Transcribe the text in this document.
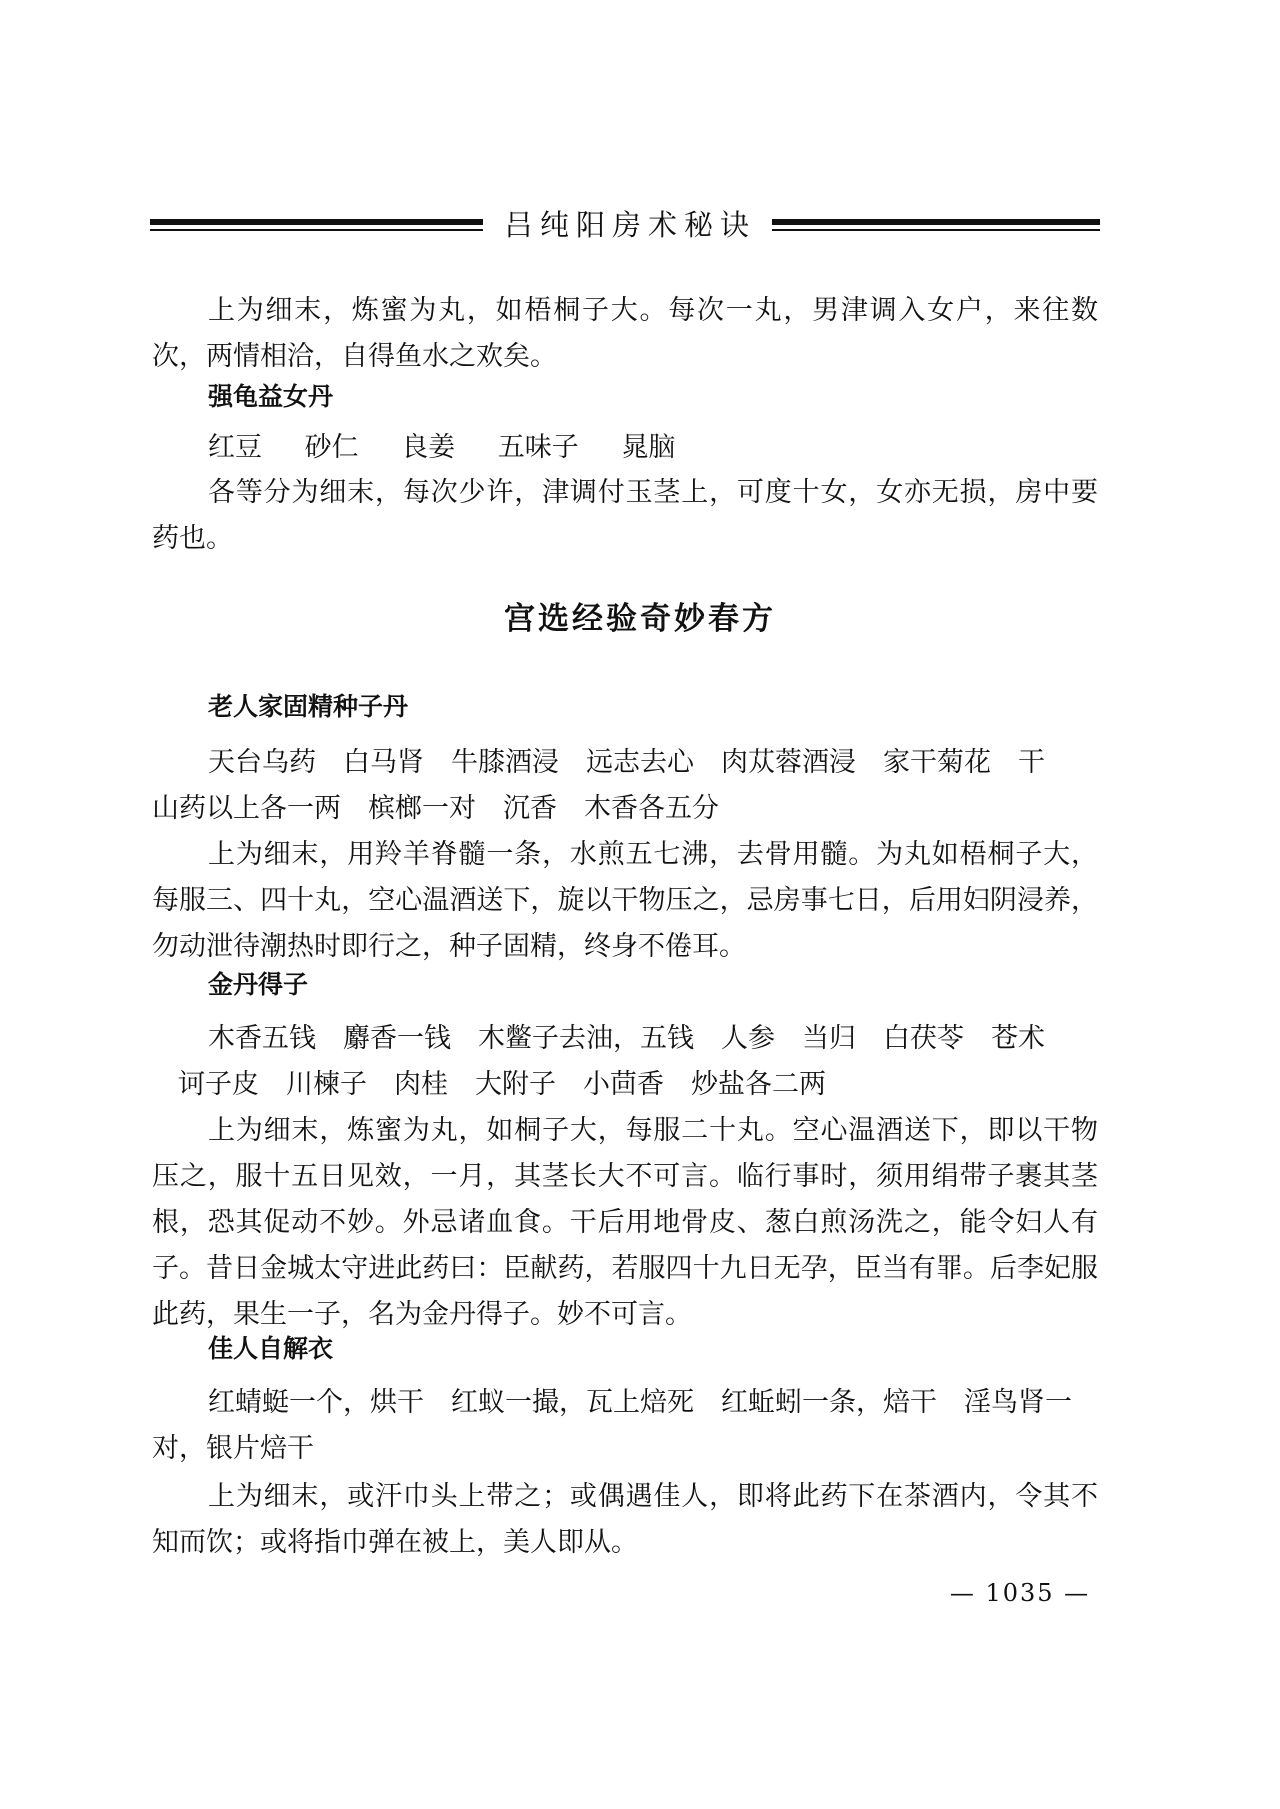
吕纯阳房术秘诀

上为细末，炼蜜为丸，如梧桐子大。每次一丸，男津调入女户，来往数次，两情相洽，自得鱼水之欢矣。

强龟益女丹
红豆 砂仁 良姜 五味子 晁脑

各等分为细末，每次少许，津调付玉茎上，可度十女，女亦无损，房中要药也。

宫选经验奇妙春方
老人家固精种子丹
天台乌药　白马肾　牛膝酒浸　远志去心　肉苁蓉酒浸　家干菊花　干
山药以上各一两　槟榔一对　沉香　木香各五分

上为细末，用羚羊脊髓一条，水煎五七沸，去骨用髓。为丸如梧桐子大，每服三、四十丸，空心温酒送下，旋以干物压之，忌房事七日，后用妇阴浸养，勿动泄待潮热时即行之，种子固精，终身不倦耳。

金丹得子
木香五钱　麝香一钱　木鳖子去油，五钱　人参　当归　白茯苓　苍术
诃子皮　川楝子　肉桂　大附子　小茴香　炒盐各二两

上为细末，炼蜜为丸，如桐子大，每服二十丸。空心温酒送下，即以干物压之，服十五日见效，一月，其茎长大不可言。临行事时，须用绢带子裹其茎根，恐其促动不妙。外忌诸血食。干后用地骨皮、葱白煎汤洗之，能令妇人有子。昔日金城太守进此药曰：臣献药，若服四十九日无孕，臣当有罪。后李妃服此药，果生一子，名为金丹得子。妙不可言。

佳人自解衣
红蜻蜓一个，烘干　红蚁一撮，瓦上焙死　红蚯蚓一条，焙干　淫鸟肾一
对，银片焙干

上为细末，或汗巾头上带之；或偶遇佳人，即将此药下在茶酒内，令其不知而饮；或将指巾弹在被上，美人即从。

— 1035 —
